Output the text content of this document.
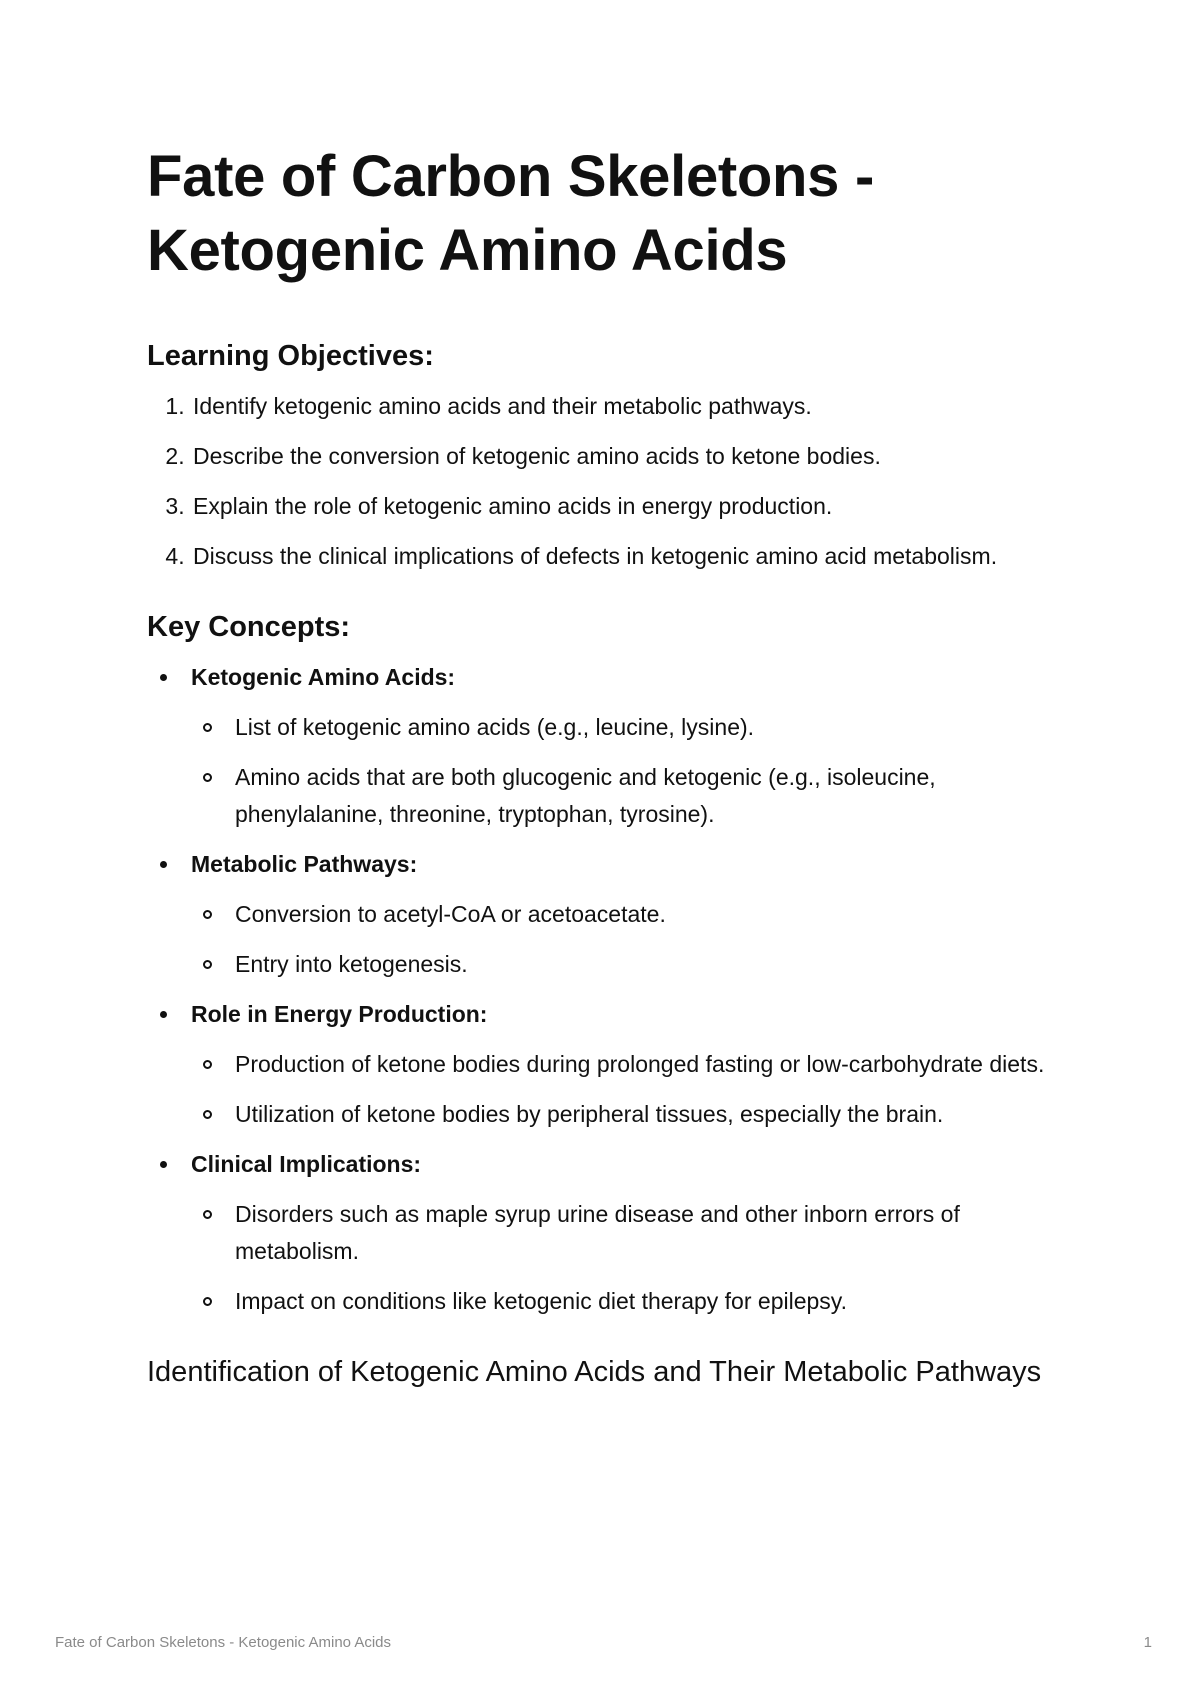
Fate of Carbon Skeletons - Ketogenic Amino Acids
Learning Objectives:
1. Identify ketogenic amino acids and their metabolic pathways.
2. Describe the conversion of ketogenic amino acids to ketone bodies.
3. Explain the role of ketogenic amino acids in energy production.
4. Discuss the clinical implications of defects in ketogenic amino acid metabolism.
Key Concepts:
Ketogenic Amino Acids:
List of ketogenic amino acids (e.g., leucine, lysine).
Amino acids that are both glucogenic and ketogenic (e.g., isoleucine, phenylalanine, threonine, tryptophan, tyrosine).
Metabolic Pathways:
Conversion to acetyl-CoA or acetoacetate.
Entry into ketogenesis.
Role in Energy Production:
Production of ketone bodies during prolonged fasting or low-carbohydrate diets.
Utilization of ketone bodies by peripheral tissues, especially the brain.
Clinical Implications:
Disorders such as maple syrup urine disease and other inborn errors of metabolism.
Impact on conditions like ketogenic diet therapy for epilepsy.
Identification of Ketogenic Amino Acids and Their Metabolic Pathways
Fate of Carbon Skeletons - Ketogenic Amino Acids	1
